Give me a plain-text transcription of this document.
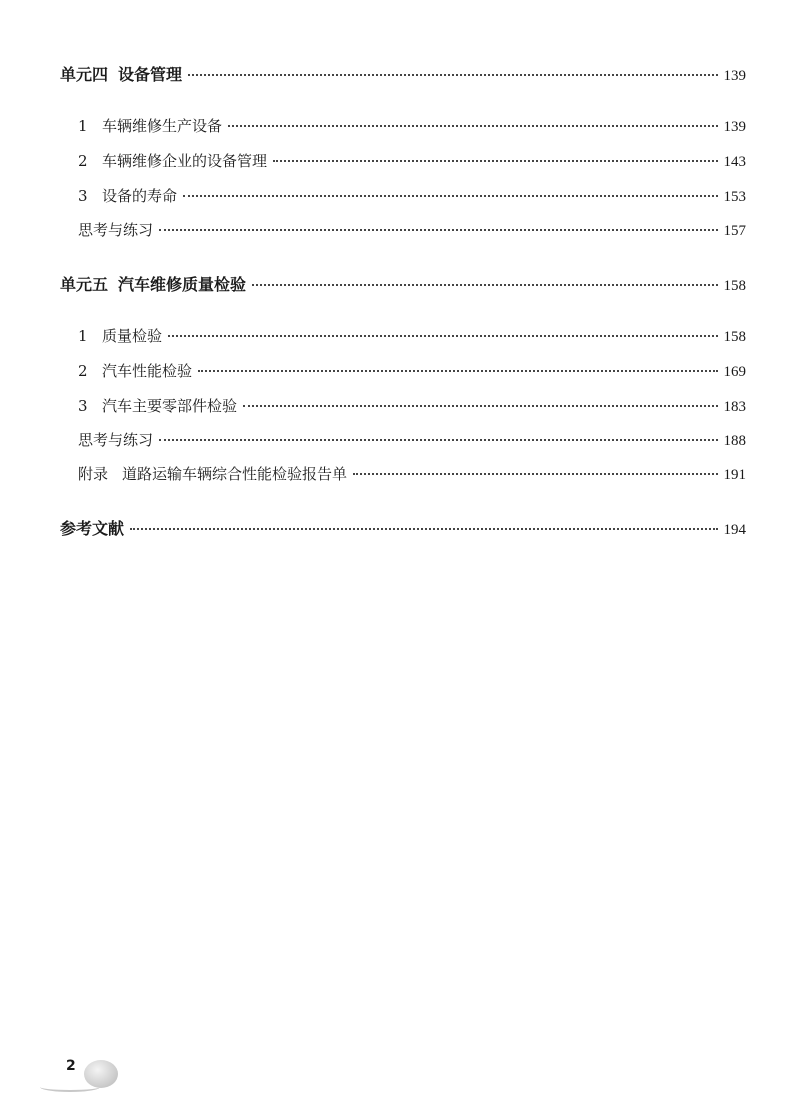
单元四 设备管理	139
1 车辆维修生产设备	139
2 车辆维修企业的设备管理	143
3 设备的寿命	153
思考与练习	157
单元五 汽车维修质量检验	158
1 质量检验	158
2 汽车性能检验	169
3 汽车主要零部件检验	183
思考与练习	188
附录 道路运输车辆综合性能检验报告单	191
参考文献	194
2
